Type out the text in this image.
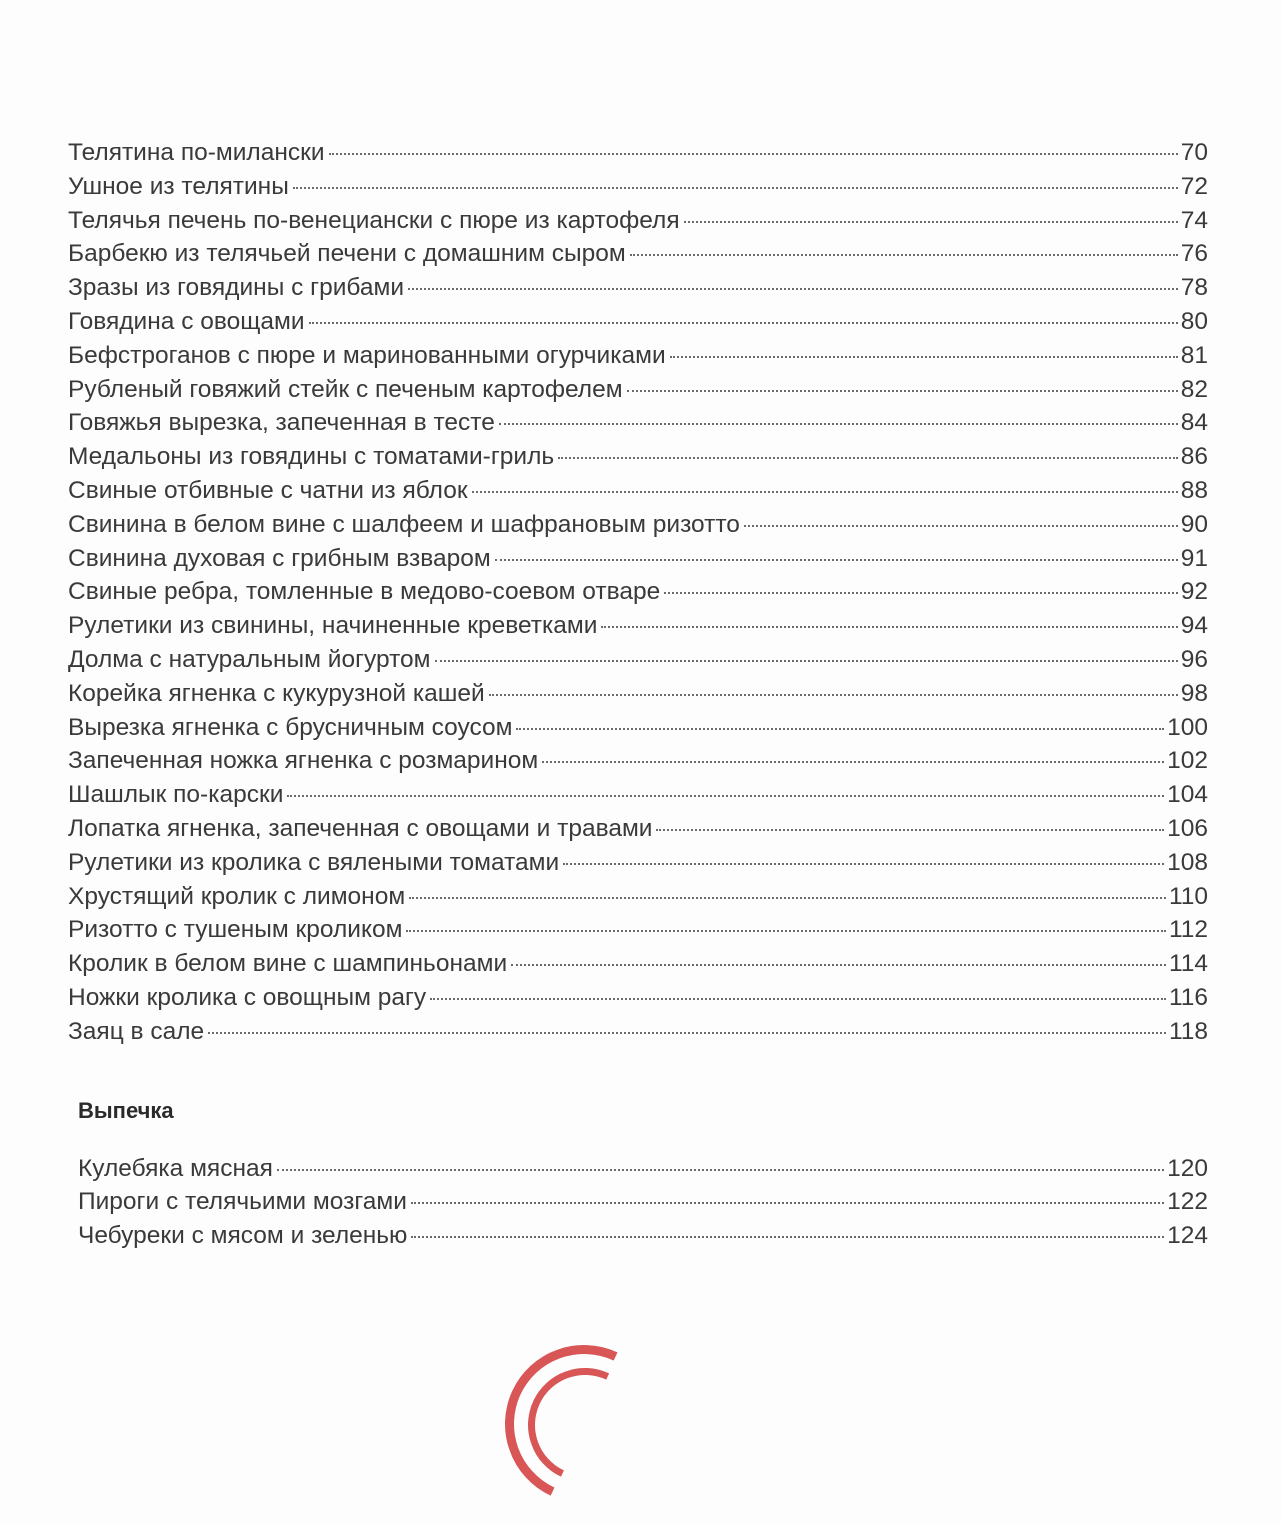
Телятина по-милански	70
Ушное из телятины	72
Телячья печень по-венециански с пюре из картофеля	74
Барбекю из телячьей печени с домашним сыром	76
Зразы из говядины с грибами	78
Говядина с овощами	80
Бефстроганов с пюре и маринованными огурчиками	81
Рубленый говяжий стейк с печеным картофелем	82
Говяжья вырезка, запеченная в тесте	84
Медальоны из говядины с томатами-гриль	86
Свиные отбивные с чатни из яблок	88
Свинина в белом вине с шалфеем и шафрановым ризотто	90
Свинина духовая с грибным взваром	91
Свиные ребра, томленные в медово-соевом отваре	92
Рулетики из свинины, начиненные креветками	94
Долма с натуральным йогуртом	96
Корейка ягненка с кукурузной кашей	98
Вырезка ягненка с брусничным соусом	100
Запеченная ножка ягненка с розмарином	102
Шашлык по-карски	104
Лопатка ягненка, запеченная с овощами и травами	106
Рулетики из кролика с вялеными томатами	108
Хрустящий кролик с лимоном	110
Ризотто с тушеным кроликом	112
Кролик в белом вине с шампиньонами	114
Ножки кролика с овощным рагу	116
Заяц в сале	118
Выпечка
Кулебяка мясная	120
Пироги с телячьими мозгами	122
Чебуреки с мясом и зеленью	124
